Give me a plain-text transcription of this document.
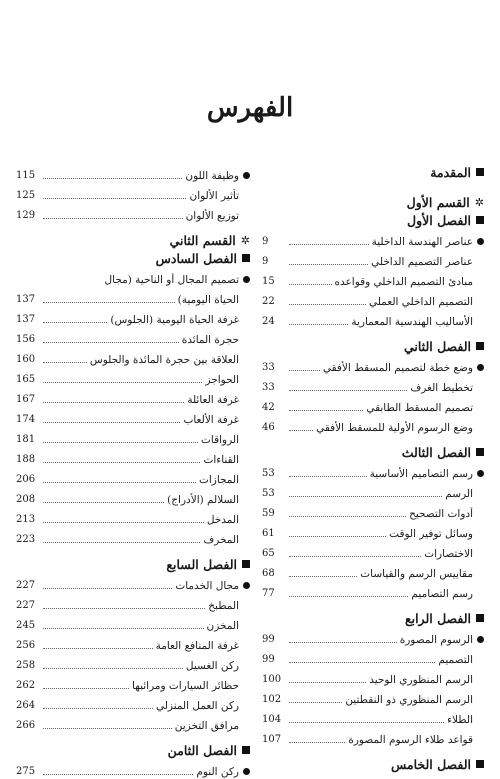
الفهرس
المقدمة
✲
القسم الأول
الفصل الأول
عناصر الهندسة الداخلية
9
عناصر التصميم الداخلي
9
مبادئ التصميم الداخلي وقواعده
15
التصميم الداخلي العملي
22
الأساليب الهندسية المعمارية
24
الفصل الثاني
وضع خطة لتصميم المسقط الأفقي
33
تخطيط الغرف
33
تصميم المسقط الطابقي
42
وضع الرسوم الأولية للمسقط الأفقي
46
الفصل الثالث
رسم التصاميم الأساسية
53
الرسم
53
أدوات التصحيح
59
وسائل توفير الوقت
61
الاختصارات
65
مقاييس الرسم والقياسات
68
رسم التصاميم
77
الفصل الرابع
الرسوم المصورة
99
التصميم
99
الرسم المنظوري الوحيد
100
الرسم المنظوري ذو النقطتين
102
الطلاء
104
قواعد طلاء الرسوم المصورة
107
الفصل الخامس
وظيفة اللون
115
تأثير الألوان
125
توزيع الألوان
129
✲
القسم الثاني
الفصل السادس
تصميم المجال أو الناحية (مجال
الحياة اليومية)
137
غرفة الحياة اليومية (الجلوس)
137
حجرة المائدة
156
العلاقة بين حجرة المائدة والجلوس
160
الحواجز
165
غرفة العائلة
167
غرفة الألعاب
174
الرواقات
181
القناءات
188
المجازات
206
السلالم (الأدراج)
208
المدخل
213
المخرف
223
الفصل السابع
مجال الخدمات
227
المطبخ
227
المخزن
245
غرفة المنافع العامة
256
ركن الغسيل
258
حظائر السيارات ومرائبها
262
ركن العمل المنزلي
264
مرافق التخزين
266
الفصل الثامن
ركن النوم
275
